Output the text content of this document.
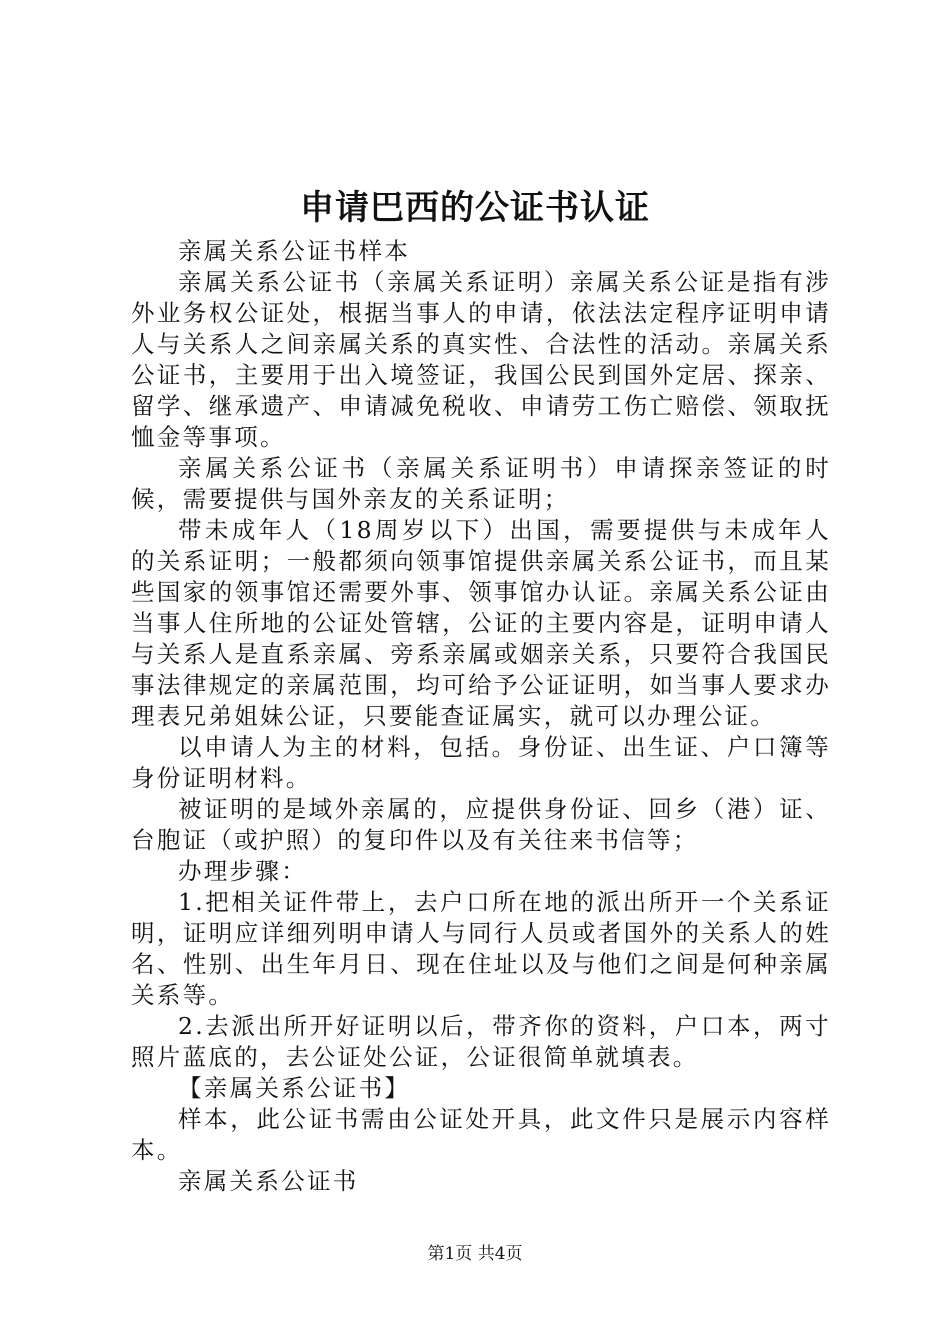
申请巴西的公证书认证

亲属关系公证书样本

亲属关系公证书（亲属关系证明）亲属关系公证是指有涉外业务权公证处，根据当事人的申请，依法法定程序证明申请人与关系人之间亲属关系的真实性、合法性的活动。亲属关系公证书，主要用于出入境签证，我国公民到国外定居、探亲、留学、继承遗产、申请减免税收、申请劳工伤亡赔偿、领取抚恤金等事项。

亲属关系公证书（亲属关系证明书）申请探亲签证的时候，需要提供与国外亲友的关系证明；

带未成年人（18周岁以下）出国，需要提供与未成年人的关系证明；一般都须向领事馆提供亲属关系公证书，而且某些国家的领事馆还需要外事、领事馆办认证。亲属关系公证由当事人住所地的公证处管辖，公证的主要内容是，证明申请人与关系人是直系亲属、旁系亲属或姻亲关系，只要符合我国民事法律规定的亲属范围，均可给予公证证明，如当事人要求办理表兄弟姐妹公证，只要能查证属实，就可以办理公证。

以申请人为主的材料，包括。身份证、出生证、户口簿等身份证明材料。

被证明的是域外亲属的，应提供身份证、回乡（港）证、台胞证（或护照）的复印件以及有关往来书信等；

办理步骤：

1.把相关证件带上，去户口所在地的派出所开一个关系证明，证明应详细列明申请人与同行人员或者国外的关系人的姓名、性别、出生年月日、现在住址以及与他们之间是何种亲属关系等。

2.去派出所开好证明以后，带齐你的资料，户口本，两寸照片蓝底的，去公证处公证，公证很简单就填表。

【亲属关系公证书】

样本，此公证书需由公证处开具，此文件只是展示内容样本。

亲属关系公证书

第1页 共4页
